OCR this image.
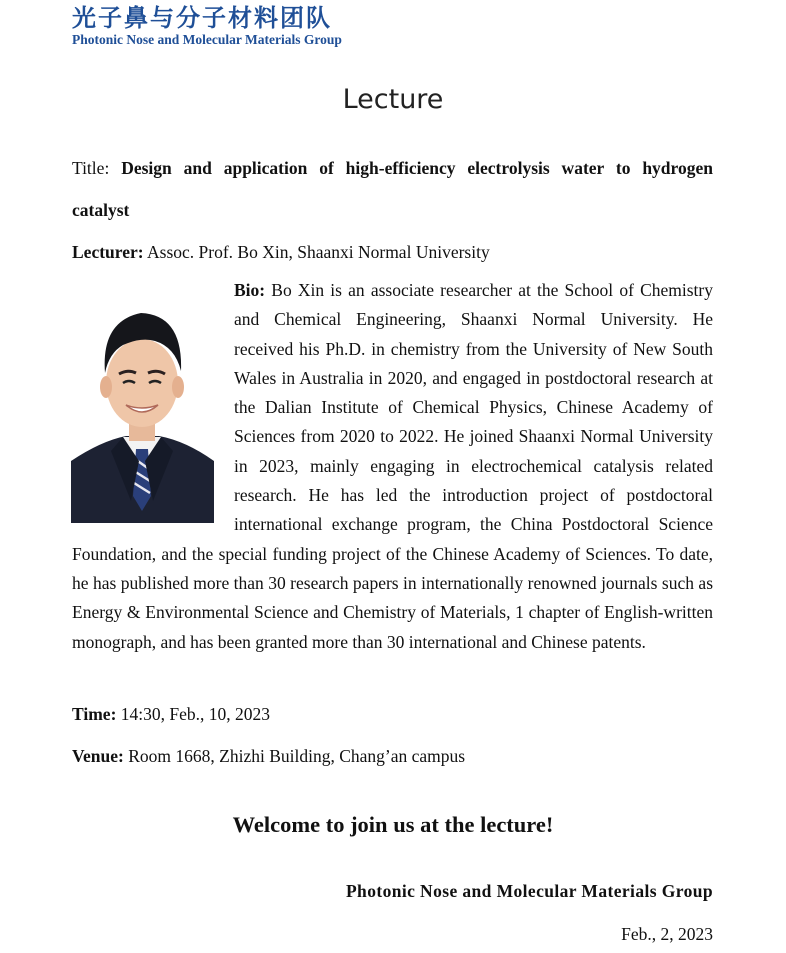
光子鼻与分子材料团队
Photonic Nose and Molecular Materials Group
Lecture
Title: Design and application of high-efficiency electrolysis water to hydrogen
catalyst
Lecturer: Assoc. Prof. Bo Xin, Shaanxi Normal University
Bio: Bo Xin is an associate researcher at the School of Chemistry and Chemical Engineering, Shaanxi Normal University. He received his Ph.D. in chemistry from the University of New South Wales in Australia in 2020, and engaged in postdoctoral research at the Dalian Institute of Chemical Physics, Chinese Academy of Sciences from 2020 to 2022. He joined Shaanxi Normal University in 2023, mainly engaging in electrochemical catalysis related research. He has led the introduction project of postdoctoral international exchange program, the China Postdoctoral Science Foundation, and the special funding project of the Chinese Academy of Sciences. To date, he has published more than 30 research papers in internationally renowned journals such as Energy & Environmental Science and Chemistry of Materials, 1 chapter of English-written monograph, and has been granted more than 30 international and Chinese patents.
Time: 14:30, Feb., 10, 2023
Venue: Room 1668, Zhizhi Building, Chang’an campus
Welcome to join us at the lecture!
Photonic Nose and Molecular Materials Group
Feb., 2, 2023
